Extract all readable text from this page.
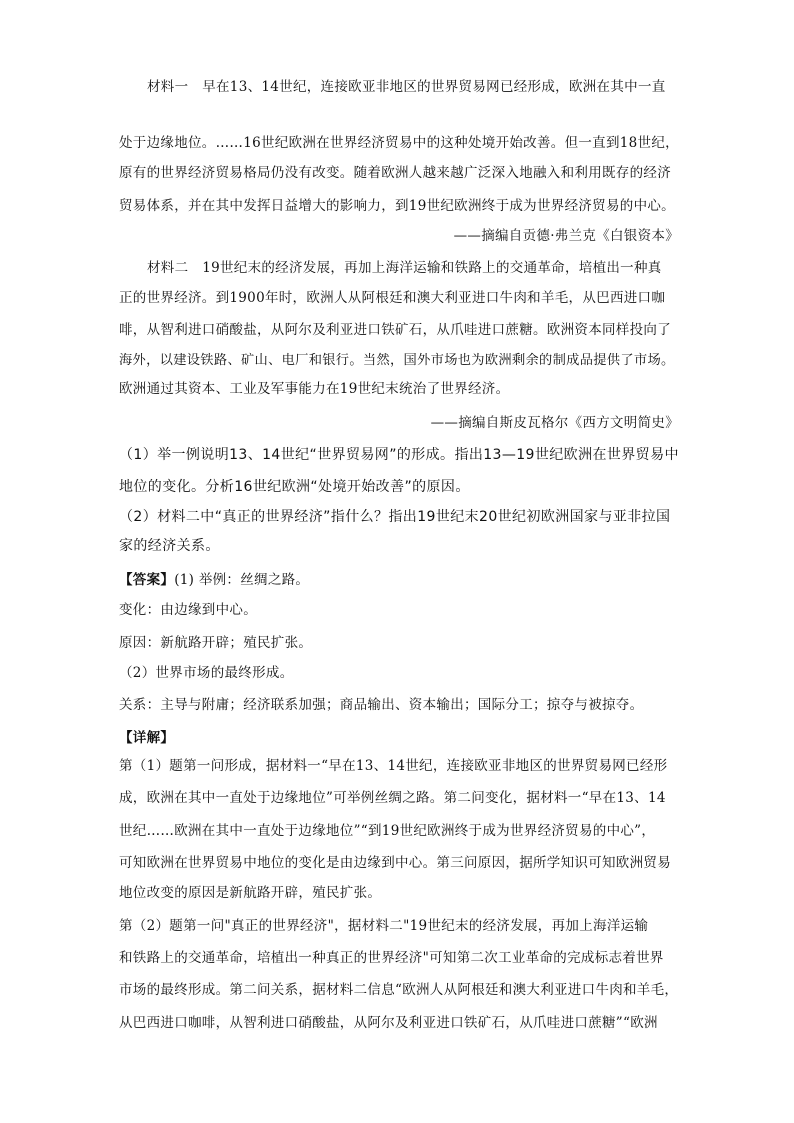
材料一　早在13、14世纪，连接欧亚非地区的世界贸易网已经形成，欧洲在其中一直
处于边缘地位。……16世纪欧洲在世界经济贸易中的这种处境开始改善。但一直到18世纪，
原有的世界经济贸易格局仍没有改变。随着欧洲人越来越广泛深入地融入和利用既存的经济
贸易体系，并在其中发挥日益增大的影响力，到19世纪欧洲终于成为世界经济贸易的中心。
——摘编自贡德·弗兰克《白银资本》
材料二　19世纪末的经济发展，再加上海洋运输和铁路上的交通革命，培植出一种真
正的世界经济。到1900年时，欧洲人从阿根廷和澳大利亚进口牛肉和羊毛，从巴西进口咖
啡，从智利进口硝酸盐，从阿尔及利亚进口铁矿石，从爪哇进口蔗糖。欧洲资本同样投向了
海外，以建设铁路、矿山、电厂和银行。当然，国外市场也为欧洲剩余的制成品提供了市场。
欧洲通过其资本、工业及军事能力在19世纪末统治了世界经济。
——摘编自斯皮瓦格尔《西方文明简史》
（1）举一例说明13、14世纪“世界贸易网”的形成。指出13—19世纪欧洲在世界贸易中
地位的变化。分析16世纪欧洲“处境开始改善”的原因。
（2）材料二中“真正的世界经济”指什么？指出19世纪末20世纪初欧洲国家与亚非拉国
家的经济关系。
【答案】(1) 举例：丝绸之路。
变化：由边缘到中心。
原因：新航路开辟；殖民扩张。
（2）世界市场的最终形成。
关系：主导与附庸；经济联系加强；商品输出、资本输出；国际分工；掠夺与被掠夺。
【详解】
第（1）题第一问形成，据材料一“早在13、14世纪，连接欧亚非地区的世界贸易网已经形
成，欧洲在其中一直处于边缘地位”可举例丝绸之路。第二问变化，据材料一“早在13、14
世纪……欧洲在其中一直处于边缘地位”“到19世纪欧洲终于成为世界经济贸易的中心”，
可知欧洲在世界贸易中地位的变化是由边缘到中心。第三问原因，据所学知识可知欧洲贸易
地位改变的原因是新航路开辟，殖民扩张。
第（2）题第一问"真正的世界经济"，据材料二"19世纪末的经济发展，再加上海洋运输
和铁路上的交通革命，培植出一种真正的世界经济"可知第二次工业革命的完成标志着世界
市场的最终形成。第二问关系，据材料二信息“欧洲人从阿根廷和澳大利亚进口牛肉和羊毛，
从巴西进口咖啡，从智利进口硝酸盐，从阿尔及利亚进口铁矿石，从爪哇进口蔗糖”“欧洲
